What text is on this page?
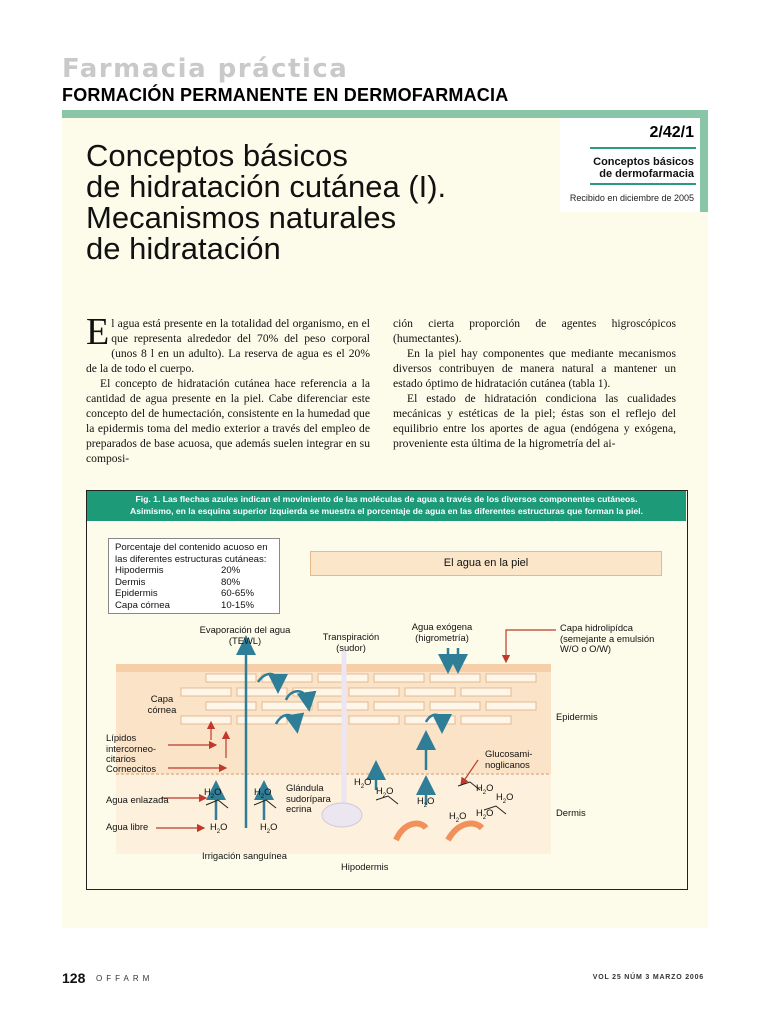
Farmacia práctica
FORMACIÓN PERMANENTE EN DERMOFARMACIA
2/42/1
Conceptos básicos
de dermofarmacia
Recibido en diciembre de 2005
Conceptos básicos
de hidratación cutánea (I).
Mecanismos naturales
de hidratación

El agua está presente en la totalidad del organismo, en el que representa alrededor del 70% del peso corporal (unos 8 l en un adulto). La reserva de agua es el 20% de la de todo el cuerpo.

El concepto de hidratación cutánea hace referencia a la cantidad de agua presente en la piel. Cabe diferenciar este concepto del de humectación, consistente en la humedad que la epidermis toma del medio exterior a través del empleo de preparados de base acuosa, que además suelen integrar en su composi-

ción cierta proporción de agentes higroscópicos (humectantes).

En la piel hay componentes que mediante mecanismos diversos contribuyen de manera natural a mantener un estado óptimo de hidratación cutánea (tabla 1).

El estado de hidratación condiciona las cualidades mecánicas y estéticas de la piel; éstas son el reflejo del equilibrio entre los aportes de agua (endógena y exógena, proveniente esta última de la higrometría del ai-

Fig. 1. Las flechas azules indican el movimiento de las moléculas de agua a través de los diversos componentes cutáneos.
Asimismo, en la esquina superior izquierda se muestra el porcentaje de agua en las diferentes estructuras que forman la piel.
Porcentaje del contenido acuoso en las diferentes estructuras cutáneas:
Hipodermis	20%
Dermis	80%
Epidermis	60-65%
Capa córnea	10-15%
El agua en la piel
Evaporación del agua
(TEWL)	Transpiración
(sudor)
Agua exógena
(higrometría)
Capa hidrolipídca
(semejante a emulsión
W/O o O/W)
Capa
córnea
Epidermis
Lípidos
intercorneo-
citarios
Corneocitos
Glucosami-
noglicanos
Agua enlazada
Glándula
sudorípara
ecrina	Dermis
Agua libre
Irrigación sanguínea
Hipodermis
$H_2O$	$H_2O$
$H_2O$	$H_2O$
$H_2O$
$H_2O$
$H_2O$
$H_2O$
$H_2O$
$H_2O$ $H_2O$
128 OFFARM	VOL 25 NÚM 3 MARZO 2006
